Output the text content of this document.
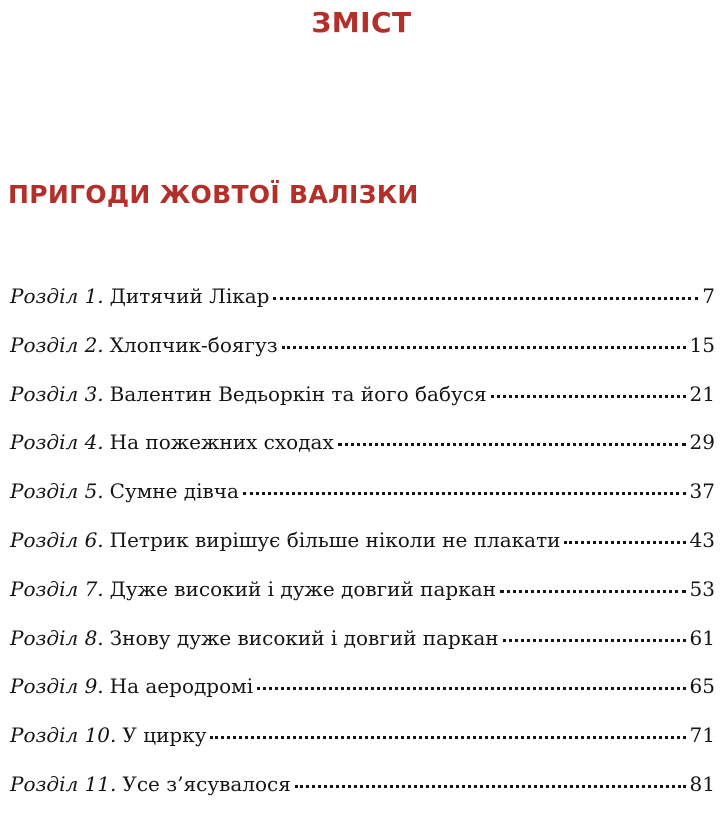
ЗМІСТ
ПРИГОДИ ЖОВТОЇ ВАЛІЗКИ
Розділ 1. Дитячий Лікар	7
Розділ 2. Хлопчик-боягуз	15
Розділ 3. Валентин Ведьоркін та його бабуся	21
Розділ 4. На пожежних сходах	29
Розділ 5. Сумне дівча	37
Розділ 6. Петрик вирішує більше ніколи не плакати	43
Розділ 7. Дуже високий і дуже довгий паркан	53
Розділ 8. Знову дуже високий і довгий паркан	61
Розділ 9. На аеродромі	65
Розділ 10. У цирку	71
Розділ 11. Усе з’ясувалося	81
